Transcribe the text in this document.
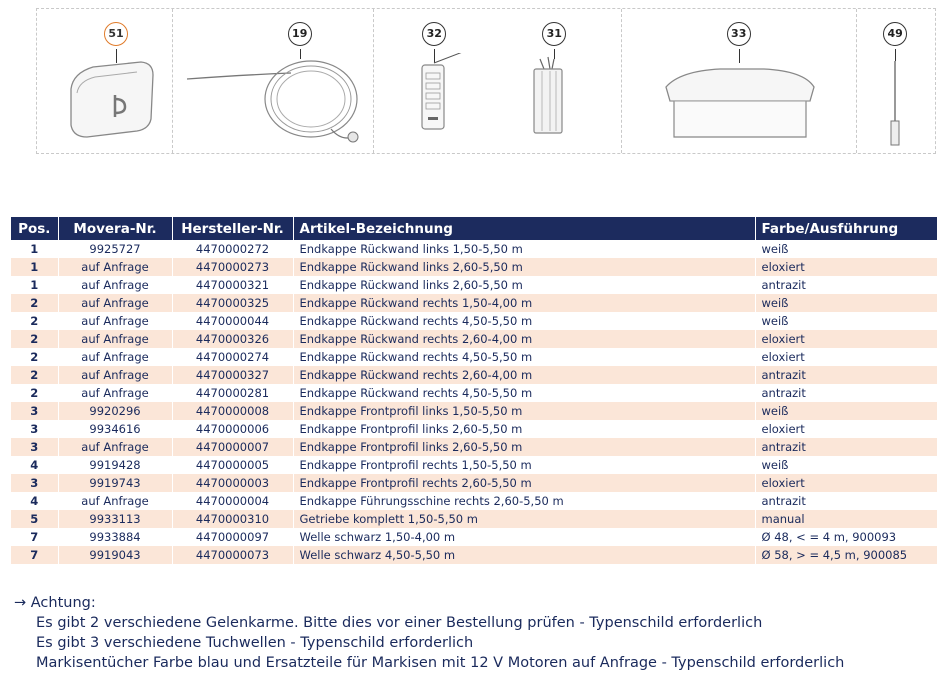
51	19	32	31	33	49
Pos.	Movera-Nr.	Hersteller-Nr.	Artikel-Bezeichnung	Farbe/Ausführung
1	9925727	4470000272	Endkappe Rückwand links 1,50-5,50 m	weiß
1	auf Anfrage	4470000273	Endkappe Rückwand links 2,60-5,50 m	eloxiert
1	auf Anfrage	4470000321	Endkappe Rückwand links 2,60-5,50 m	antrazit
2	auf Anfrage	4470000325	Endkappe Rückwand rechts 1,50-4,00 m	weiß
2	auf Anfrage	4470000044	Endkappe Rückwand rechts 4,50-5,50 m	weiß
2	auf Anfrage	4470000326	Endkappe Rückwand rechts 2,60-4,00 m	eloxiert
2	auf Anfrage	4470000274	Endkappe Rückwand rechts 4,50-5,50 m	eloxiert
2	auf Anfrage	4470000327	Endkappe Rückwand rechts 2,60-4,00 m	antrazit
2	auf Anfrage	4470000281	Endkappe Rückwand rechts 4,50-5,50 m	antrazit
3	9920296	4470000008	Endkappe Frontprofil links 1,50-5,50 m	weiß
3	9934616	4470000006	Endkappe Frontprofil links 2,60-5,50 m	eloxiert
3	auf Anfrage	4470000007	Endkappe Frontprofil links 2,60-5,50 m	antrazit
4	9919428	4470000005	Endkappe Frontprofil rechts 1,50-5,50 m	weiß
3	9919743	4470000003	Endkappe Frontprofil rechts 2,60-5,50 m	eloxiert
4	auf Anfrage	4470000004	Endkappe Führungsschine rechts 2,60-5,50 m	antrazit
5	9933113	4470000310	Getriebe komplett 1,50-5,50 m	manual
7	9933884	4470000097	Welle schwarz 1,50-4,00 m	Ø 48, < = 4 m, 900093
7	9919043	4470000073	Welle schwarz 4,50-5,50 m	Ø 58, > = 4,5 m, 900085
→ Achtung:
Es gibt 2 verschiedene Gelenkarme. Bitte dies vor einer Bestellung prüfen - Typenschild erforderlich
Es gibt 3 verschiedene Tuchwellen - Typenschild erforderlich
Markisentücher Farbe blau und Ersatzteile für Markisen mit 12 V Motoren auf Anfrage - Typenschild erforderlich
